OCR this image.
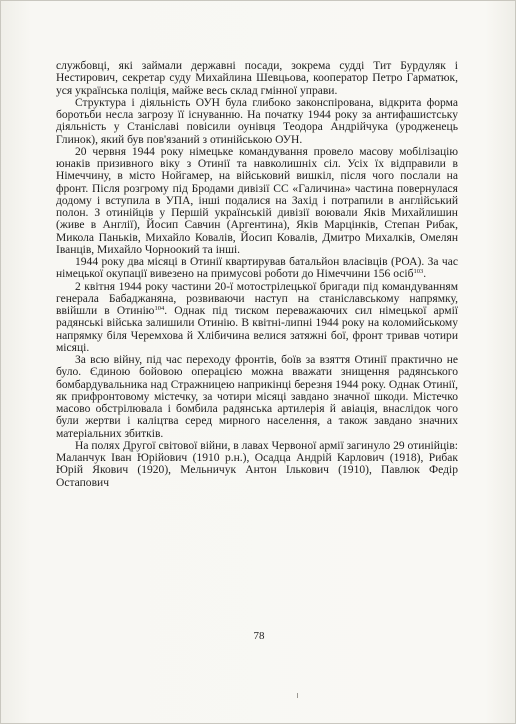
службовці, які займали державні посади, зокрема судді Тит Бурдуляк і Нестирович, секретар суду Михайлина Шевцьова, кооператор Петро Гарматюк, уся українська поліція, майже весь склад гмінної управи.

Структура і діяльність ОУН була глибоко законспірована, відкрита форма боротьби несла загрозу її існуванню. На початку 1944 року за антифашистську діяльність у Станіславі повісили оунівця Теодора Андрійчука (уродженець Глинок), який був пов'язаний з отинійською ОУН.

20 червня 1944 року німецьке командування провело масову мобілізацію юнаків призивного віку з Отинії та навколишніх сіл. Усіх їх відправили в Німеччину, в місто Нойгамер, на військовий вишкіл, після чого послали на фронт. Після розгрому під Бродами дивізії СС «Галичина» частина повернулася додому і вступила в УПА, інші подалися на Захід і потрапили в англійський полон. З отинійців у Першій українській дивізії воювали Яків Михайлишин (живе в Англії), Йосип Савчин (Аргентина), Яків Марцінків, Степан Рибак, Микола Паньків, Михайло Ковалів, Йосип Ковалів, Дмитро Михалків, Омелян Іванців, Михайло Чорноокий та інші.

1944 року два місяці в Отинії квартирував батальйон власівців (РОА). За час німецької окупації вивезено на примусові роботи до Німеччини 156 осіб$^{103}$.

2 квітня 1944 року частини 20-ї мотострілецької бригади під командуванням генерала Бабаджаняна, розвиваючи наступ на станіславському напрямку, ввійшли в Отинію$^{104}$. Однак під тиском переважаючих сил німецької армії радянські війська залишили Отинію. В квітні-липні 1944 року на коломийському напрямку біля Черемхова й Хлібичина велися затяжні бої, фронт тривав чотири місяці.

За всю війну, під час переходу фронтів, боїв за взяття Отинії практично не було. Єдиною бойовою операцією можна вважати знищення радянського бомбардувальника над Стражницею наприкінці березня 1944 року. Однак Отинії, як прифронтовому містечку, за чотири місяці завдано значної шкоди. Містечко масово обстрілювала і бомбила радянська артилерія й авіація, внаслідок чого були жертви і каліцтва серед мирного населення, а також завдано значних матеріальних збитків.

На полях Другої світової війни, в лавах Червоної армії загинуло 29 отинійців: Маланчук Іван Юрійович (1910 р.н.), Осадца Андрій Карлович (1918), Рибак Юрій Якович (1920), Мельничук Антон Ількович (1910), Павлюк Федір Остапович

78
